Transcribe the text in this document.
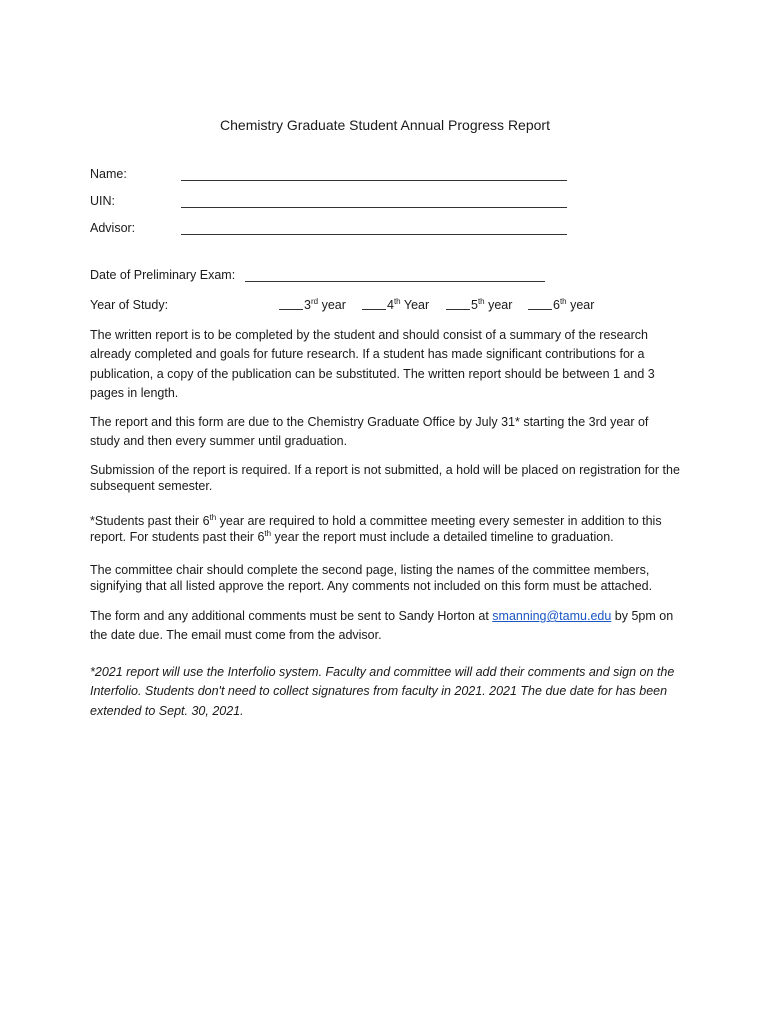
Chemistry Graduate Student Annual Progress Report
Name:
UIN:
Advisor:
Date of Preliminary Exam:
Year of Study:	3rd year	4th Year	5th year	6th year
The written report is to be completed by the student and should consist of a summary of the research already completed and goals for future research. If a student has made significant contributions for a publication, a copy of the publication can be substituted. The written report should be between 1 and 3 pages in length.
The report and this form are due to the Chemistry Graduate Office by July 31* starting the 3rd year of study and then every summer until graduation.
Submission of the report is required. If a report is not submitted, a hold will be placed on registration for the subsequent semester.
*Students past their 6th year are required to hold a committee meeting every semester in addition to this report. For students past their 6th year the report must include a detailed timeline to graduation.
The committee chair should complete the second page, listing the names of the committee members, signifying that all listed approve the report. Any comments not included on this form must be attached.
The form and any additional comments must be sent to Sandy Horton at smanning@tamu.edu by 5pm on the date due. The email must come from the advisor.
*2021 report will use the Interfolio system. Faculty and committee will add their comments and sign on the Interfolio. Students don't need to collect signatures from faculty in 2021. 2021 The due date for has been extended to Sept. 30, 2021.
